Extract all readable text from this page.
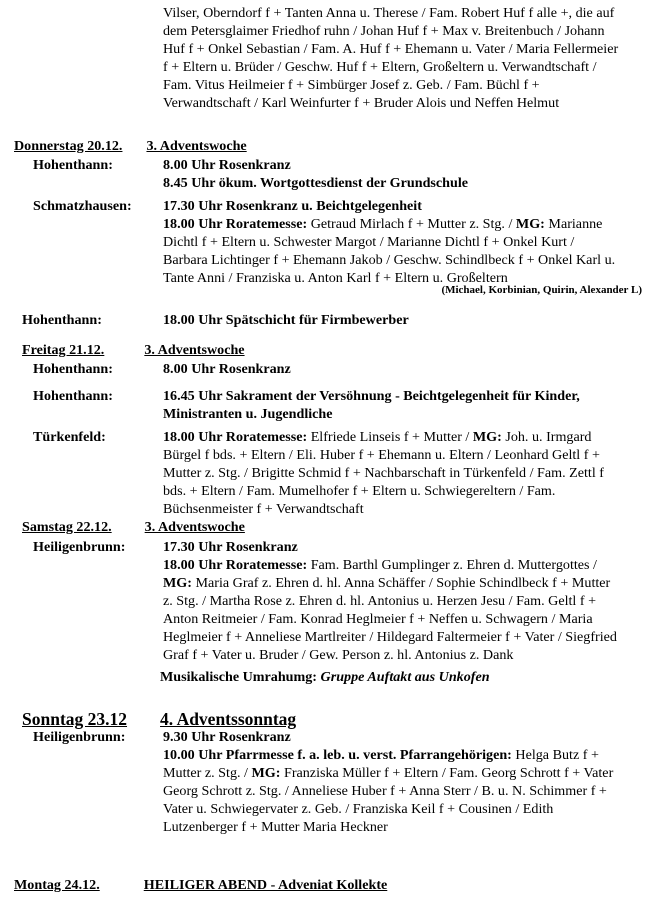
Vilser, Oberndorf f + Tanten Anna u. Therese / Fam. Robert Huf f alle +, die auf
dem Petersglaimer Friedhof ruhn / Johan Huf f + Max v. Breitenbuch / Johann
Huf f + Onkel Sebastian / Fam. A. Huf f + Ehemann u. Vater / Maria Fellermeier
f + Eltern u. Brüder / Geschw. Huf f + Eltern, Großeltern u. Verwandtschaft /
Fam. Vitus Heilmeier f + Simbürger Josef z. Geb. / Fam. Büchl f +
Verwandtschaft / Karl Weinfurter f + Bruder Alois und Neffen Helmut
Donnerstag 20.12. 3. Adventswoche
Hohenthann:	8.00 Uhr Rosenkranz
8.45 Uhr ökum. Wortgottesdienst der Grundschule
Schmatzhausen: 17.30 Uhr Rosenkranz u. Beichtgelegenheit
18.00 Uhr Roratemesse: Getraud Mirlach f + Mutter z. Stg. / MG: Marianne
Dichtl f + Eltern u. Schwester Margot / Marianne Dichtl f + Onkel Kurt /
Barbara Lichtinger f + Ehemann Jakob / Geschw. Schindlbeck f + Onkel Karl u.
Tante Anni / Franziska u. Anton Karl f + Eltern u. Großeltern
(Michael, Korbinian, Quirin, Alexander L)
Hohenthann:	18.00 Uhr Spätschicht für Firmbewerber
Freitag 21.12.	3. Adventswoche
Hohenthann:	8.00 Uhr Rosenkranz
Hohenthann:	16.45 Uhr Sakrament der Versöhnung - Beichtgelegenheit für Kinder,
Ministranten u. Jugendliche
Türkenfeld:	18.00 Uhr Roratemesse: Elfriede Linseis f + Mutter / MG: Joh. u. Irmgard
Bürgel f bds. + Eltern / Eli. Huber f + Ehemann u. Eltern / Leonhard Geltl f +
Mutter z. Stg. / Brigitte Schmid f + Nachbarschaft in Türkenfeld / Fam. Zettl f
bds. + Eltern / Fam. Mumelhofer f + Eltern u. Schwiegereltern / Fam.
Büchsenmeister f + Verwandtschaft
Samstag 22.12. 3. Adventswoche
Heiligenbrunn:	17.30 Uhr Rosenkranz
18.00 Uhr Roratemesse: Fam. Barthl Gumplinger z. Ehren d. Muttergottes /
MG: Maria Graf z. Ehren d. hl. Anna Schäffer / Sophie Schindlbeck f + Mutter
z. Stg. / Martha Rose z. Ehren d. hl. Antonius u. Herzen Jesu / Fam. Geltl f +
Anton Reitmeier / Fam. Konrad Heglmeier f + Neffen u. Schwagern / Maria
Heglmeier f + Anneliese Martlreiter / Hildegard Faltermeier f + Vater / Siegfried
Graf f + Vater u. Bruder / Gew. Person z. hl. Antonius z. Dank
Musikalische Umrahumg: Gruppe Auftakt aus Unkofen
Sonntag 23.12 4. Adventssonntag
Heiligenbrunn:	9.30 Uhr Rosenkranz
10.00 Uhr Pfarrmesse f. a. leb. u. verst. Pfarrangehörigen: Helga Butz f +
Mutter z. Stg. / MG: Franziska Müller f + Eltern / Fam. Georg Schrott f + Vater
Georg Schrott z. Stg. / Anneliese Huber f + Anna Sterr / B. u. N. Schimmer f +
Vater u. Schwiegervater z. Geb. / Franziska Keil f + Cousinen / Edith
Lutzenberger f + Mutter Maria Heckner
Montag 24.12.	HEILIGER ABEND - Adveniat Kollekte
